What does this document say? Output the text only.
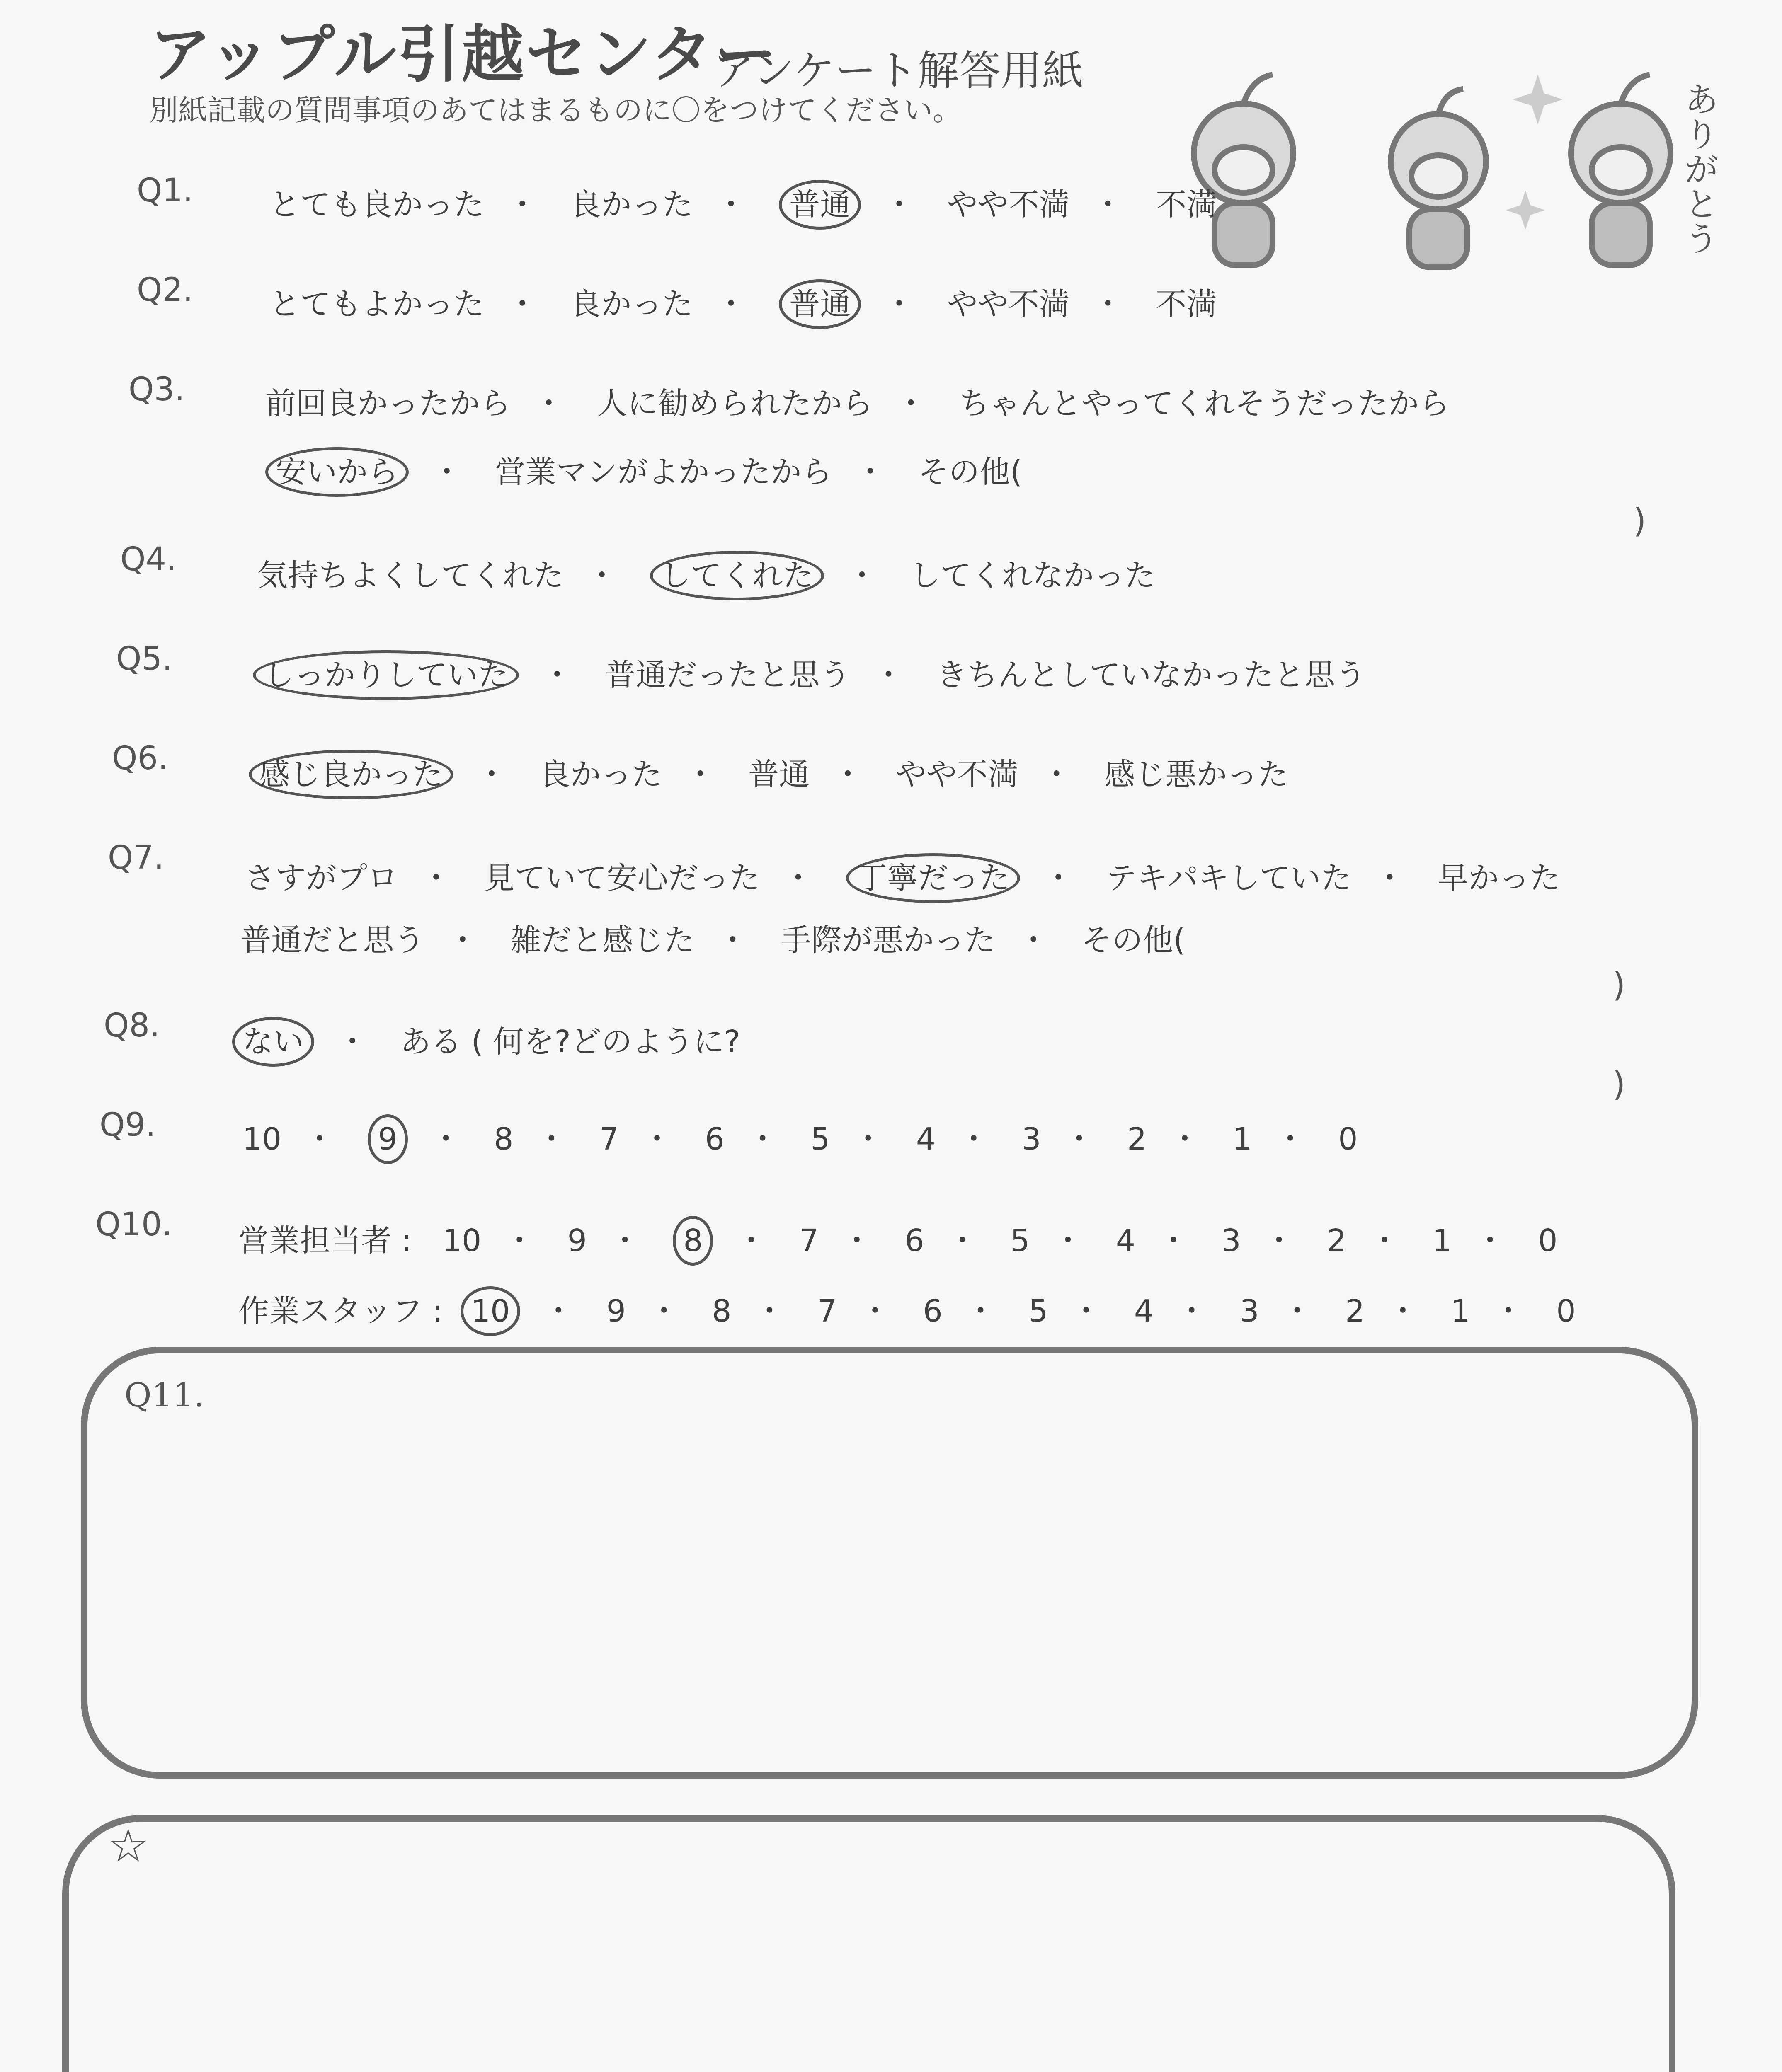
アップル引越センター
アンケート解答用紙
別紙記載の質問事項のあてはまるものに〇をつけてください。	ありがとう
Q1. とても良かった ・ 良かった ・ 普通 ・ やや不満 ・ 不満
Q2. とてもよかった ・ 良かった ・ 普通 ・ やや不満 ・ 不満
Q3.	前回良かったから ・ 人に勧められたから ・ ちゃんとやってくれそうだったから
安いから ・ 営業マンがよかったから ・ その他(
)
Q4.	気持ちよくしてくれた ・ してくれた ・ してくれなかった
Q5.	しっかりしていた ・ 普通だったと思う ・ きちんとしていなかったと思う
Q6.	感じ良かった ・ 良かった ・ 普通 ・ やや不満 ・ 感じ悪かった
Q7.
さすがプロ ・ 見ていて安心だった ・ 丁寧だった ・ テキパキしていた ・ 早かった
普通だと思う ・ 雑だと感じた ・ 手際が悪かった ・ その他(
)
Q8.	ない ・ ある ( 何を?どのように?
)
Q9.	10 ・ 9 ・ 8 ・ 7 ・ 6 ・ 5 ・ 4 ・ 3 ・ 2 ・ 1 ・ 0
Q10. 営業担当者 : 10 ・ 9 ・ 8 ・ 7 ・ 6 ・ 5 ・ 4 ・ 3 ・ 2 ・ 1 ・ 0
作業スタッフ : 10 ・ 9 ・ 8 ・ 7 ・ 6 ・ 5 ・ 4 ・ 3 ・ 2 ・ 1 ・ 0
Q11.
☆
